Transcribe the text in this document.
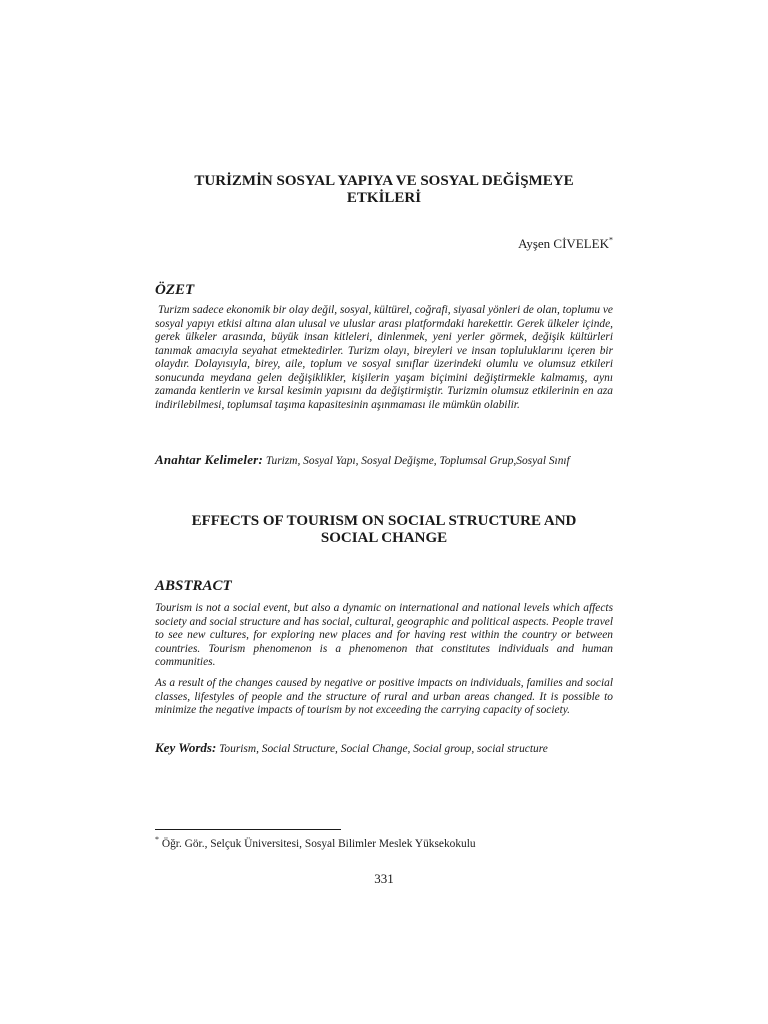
TURİZMİN SOSYAL YAPIYA VE SOSYAL DEĞİŞMEYE
ETKİLERİ
Ayşen CİVELEK*
ÖZET

Turizm sadece ekonomik bir olay değil, sosyal, kültürel, coğrafi, siyasal yönleri de olan, toplumu ve sosyal yapıyı etkisi altına alan ulusal ve uluslar arası platformdaki harekettir. Gerek ülkeler içinde, gerek ülkeler arasında, büyük insan kitleleri, dinlenmek, yeni yerler görmek, değişik kültürleri tanımak amacıyla seyahat etmektedirler. Turizm olayı, bireyleri ve insan topluluklarını içeren bir olaydır. Dolayısıyla, birey, aile, toplum ve sosyal sınıflar üzerindeki olumlu ve olumsuz etkileri sonucunda meydana gelen değişiklikler, kişilerin yaşam biçimini değiştirmekle kalmamış, aynı zamanda kentlerin ve kırsal kesimin yapısını da değiştirmiştir. Turizmin olumsuz etkilerinin en aza indirilebilmesi, toplumsal taşıma kapasitesinin aşınmaması ile mümkün olabilir.

Anahtar Kelimeler: Turizm, Sosyal Yapı, Sosyal Değişme, Toplumsal Grup,Sosyal Sınıf

EFFECTS OF TOURISM ON SOCIAL STRUCTURE AND
SOCIAL CHANGE
ABSTRACT

Tourism is not a social event, but also a dynamic on international and national levels which affects society and social structure and has social, cultural, geographic and political aspects. People travel to see new cultures, for exploring new places and for having rest within the country or between countries. Tourism phenomenon is a phenomenon that constitutes individuals and human communities.

As a result of the changes caused by negative or positive impacts on individuals, families and social classes, lifestyles of people and the structure of rural and urban areas changed. It is possible to minimize the negative impacts of tourism by not exceeding the carrying capacity of society.

Key Words: Tourism, Social Structure, Social Change, Social group, social structure

* Öğr. Gör., Selçuk Üniversitesi, Sosyal Bilimler Meslek Yüksekokulu

331
